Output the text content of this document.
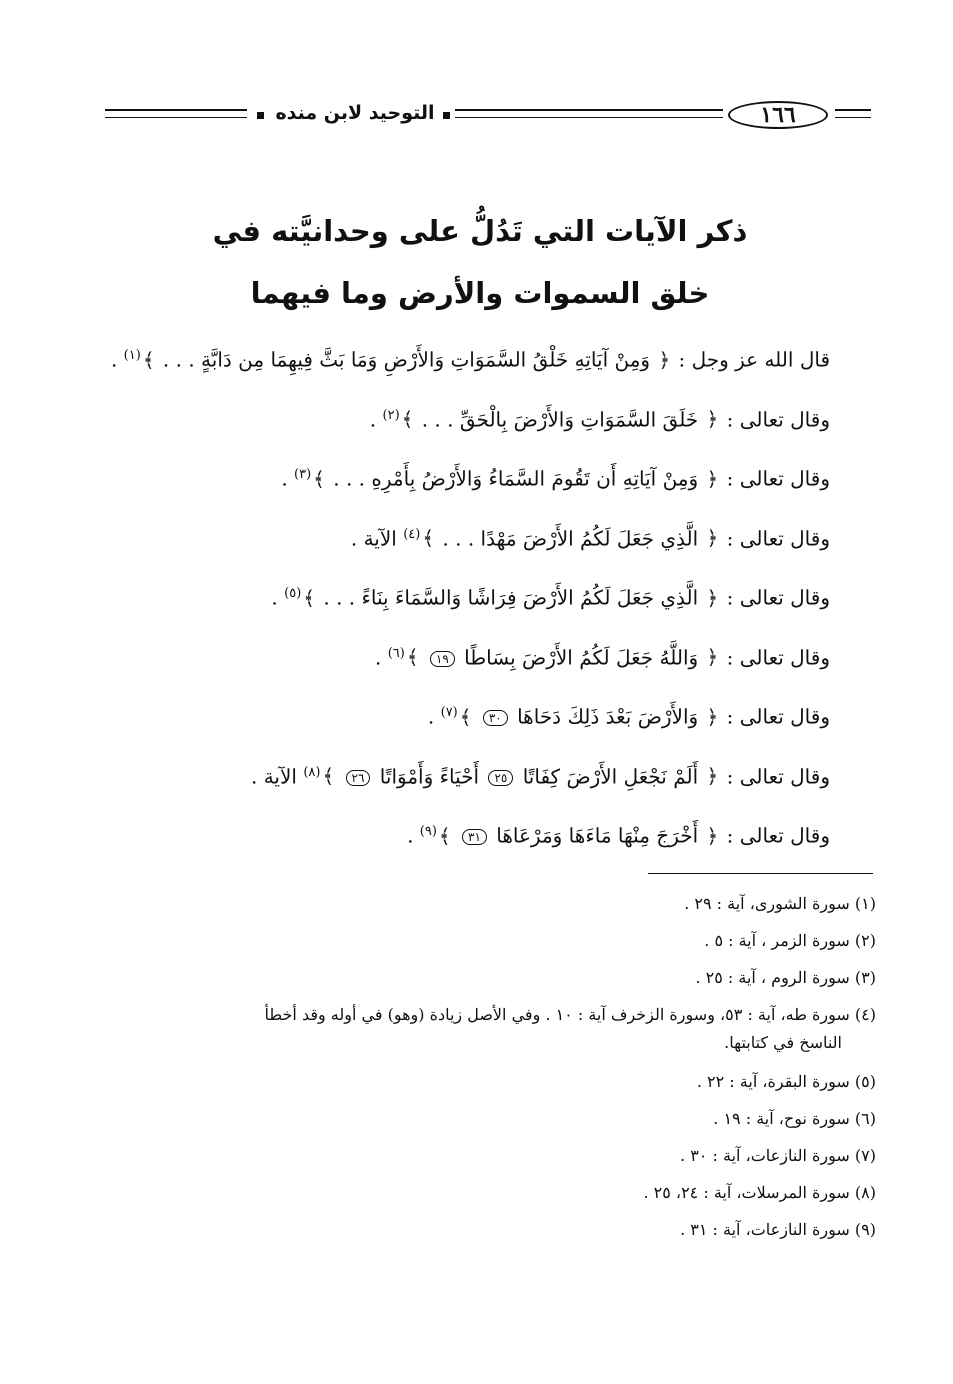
١٦٦
التوحيد لابن منده
ذكر الآيات التي تَدُلُّ على وحدانيَّته في
خلق السموات والأرض وما فيهما
قال الله عز وجل : ﴿ وَمِنْ آيَاتِهِ خَلْقُ السَّمَوَاتِ وَالأَرْضِ وَمَا بَثَّ فِيهِمَا مِن دَابَّةٍ . . . ﴾$^{(١)}$ .
وقال تعالى : ﴿ خَلَقَ السَّمَوَاتِ وَالأَرْضَ بِالْحَقِّ . . . ﴾$^{(٢)}$ .
وقال تعالى : ﴿ وَمِنْ آيَاتِهِ أَن تَقُومَ السَّمَاءُ وَالأَرْضُ بِأَمْرِهِ . . . ﴾$^{(٣)}$ .
وقال تعالى : ﴿ الَّذِي جَعَلَ لَكُمُ الأَرْضَ مَهْدًا . . . ﴾$^{(٤)}$ الآية .
وقال تعالى : ﴿ الَّذِي جَعَلَ لَكُمُ الأَرْضَ فِرَاشًا وَالسَّمَاءَ بِنَاءً . . . ﴾$^{(٥)}$ .
وقال تعالى : ﴿ وَاللَّهُ جَعَلَ لَكُمُ الأَرْضَ بِسَاطًا ١٩ ﴾$^{(٦)}$ .
وقال تعالى : ﴿ وَالأَرْضَ بَعْدَ ذَلِكَ دَحَاهَا ٣٠ ﴾$^{(٧)}$ .
وقال تعالى : ﴿ أَلَمْ نَجْعَلِ الأَرْضَ كِفَاتًا ٢٥ أَحْيَاءً وَأَمْوَاتًا ٢٦ ﴾$^{(٨)}$ الآية .
وقال تعالى : ﴿ أَخْرَجَ مِنْهَا مَاءَهَا وَمَرْعَاهَا ٣١ ﴾$^{(٩)}$ .
(١) سورة الشورى، آية : ٢٩ .
(٢) سورة الزمر ، آية : ٥ .
(٣) سورة الروم ، آية : ٢٥ .
(٤) سورة طه، آية : ٥٣، وسورة الزخرف آية : ١٠ . وفي الأصل زيادة (وهو) في أوله وقد أخطأ
الناسخ في كتابتها.
(٥) سورة البقرة، آية : ٢٢ .
(٦) سورة نوح، آية : ١٩ .
(٧) سورة النازعات، آية : ٣٠ .
(٨) سورة المرسلات، آية : ٢٤، ٢٥ .
(٩) سورة النازعات، آية : ٣١ .
